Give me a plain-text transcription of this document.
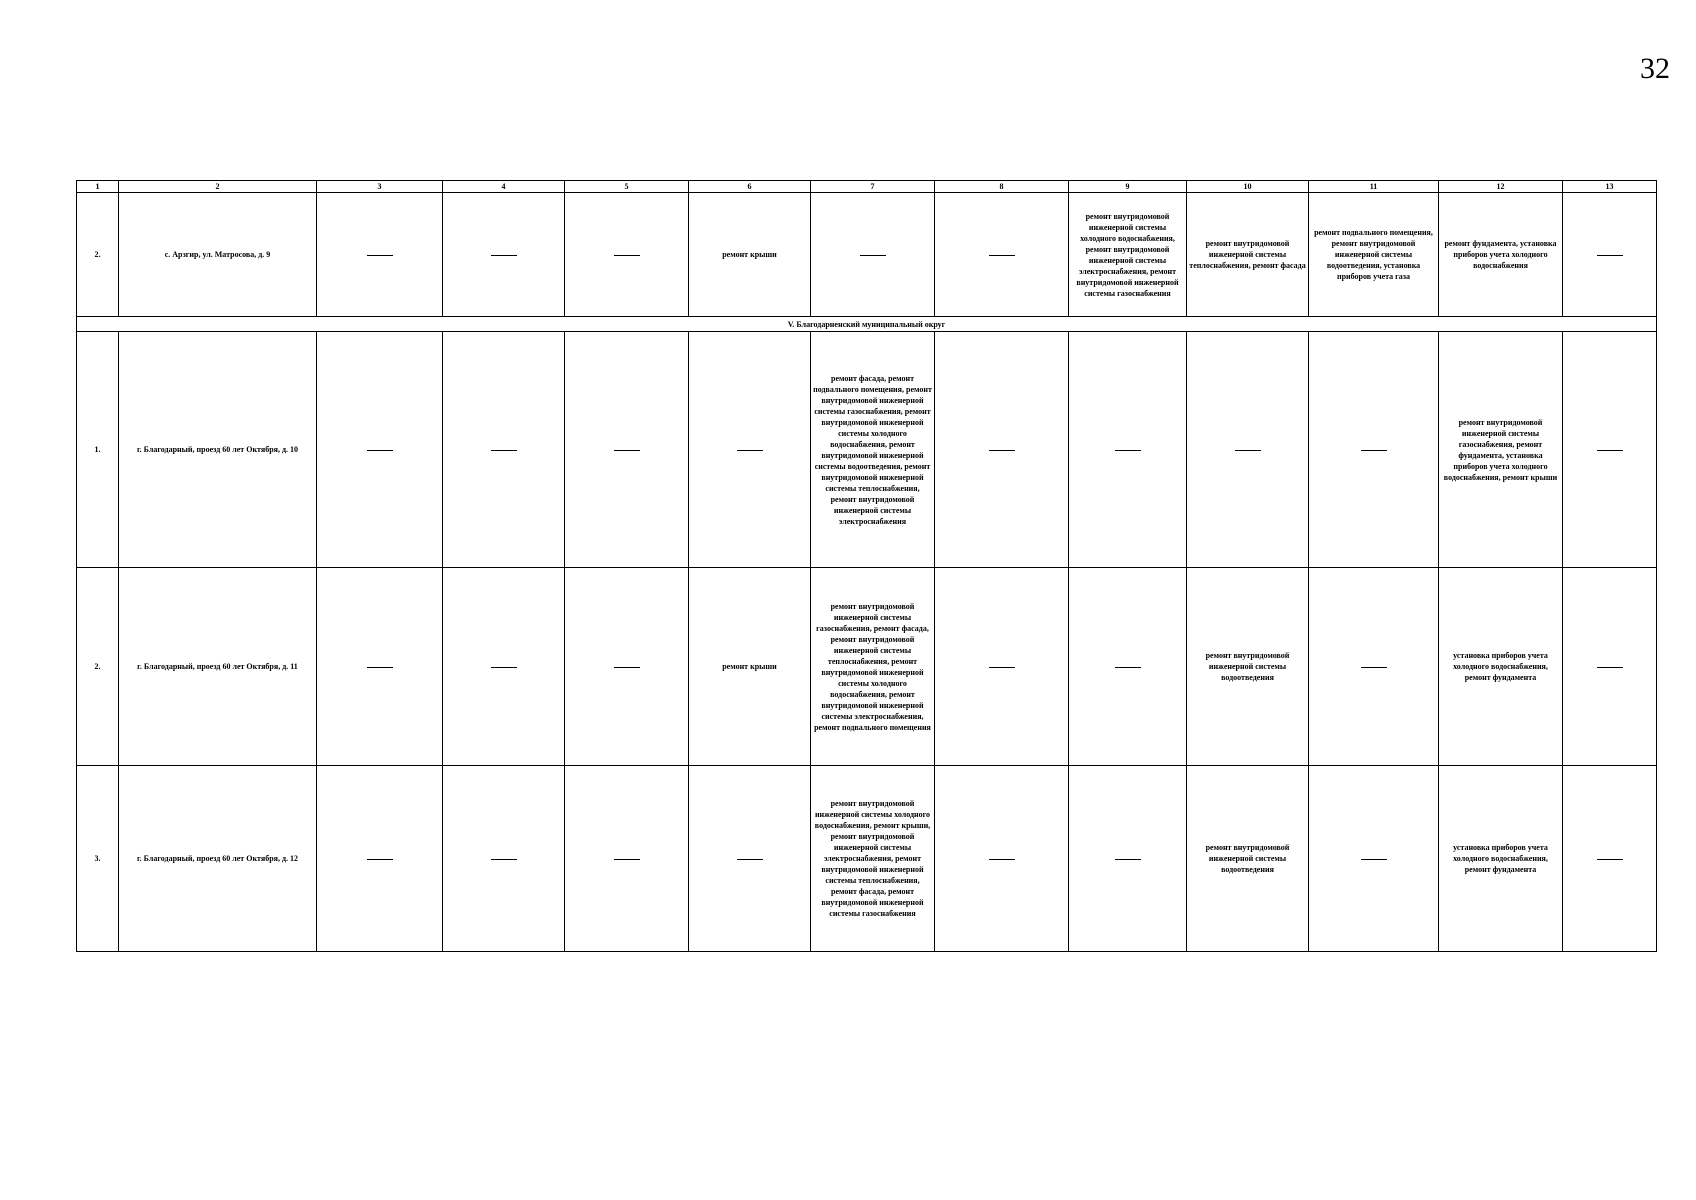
32
1	2	3	4	5	6	7	8	9	10	11	12	13
2.	с. Арзгир, ул. Матросова, д. 9				ремонт крыши			ремонт внутридомовой инженерной системы холодного водоснабжения, ремонт внутридомовой инженерной системы электроснабжения, ремонт внутридомовой инженерной системы газоснабжения	ремонт внутридомовой инженерной системы теплоснабжения, ремонт фасада	ремонт подвального помещения, ремонт внутридомовой инженерной системы водоотведения, установка приборов учета газа	ремонт фундамента, установка приборов учета холодного водоснабжения	
V. Благодарненский муниципальный округ												
1.	г. Благодарный, проезд 60 лет Октября, д. 10					ремонт фасада, ремонт подвального помещения, ремонт внутридомовой инженерной системы газоснабжения, ремонт внутридомовой инженерной системы холодного водоснабжения, ремонт внутридомовой инженерной системы водоотведения, ремонт внутридомовой инженерной системы теплоснабжения, ремонт внутридомовой инженерной системы электроснабжения					ремонт внутридомовой инженерной системы газоснабжения, ремонт фундамента, установка приборов учета холодного водоснабжения, ремонт крыши	
2.	г. Благодарный, проезд 60 лет Октября, д. 11				ремонт крыши	ремонт внутридомовой инженерной системы газоснабжения, ремонт фасада, ремонт внутридомовой инженерной системы теплоснабжения, ремонт внутридомовой инженерной системы холодного водоснабжения, ремонт внутридомовой инженерной системы электроснабжения, ремонт подвального помещения			ремонт внутридомовой инженерной системы водоотведения		установка приборов учета холодного водоснабжения, ремонт фундамента	
3.	г. Благодарный, проезд 60 лет Октября, д. 12					ремонт внутридомовой инженерной системы холодного водоснабжения, ремонт крыши, ремонт внутридомовой инженерной системы электроснабжения, ремонт внутридомовой инженерной системы теплоснабжения, ремонт фасада, ремонт внутридомовой инженерной системы газоснабжения			ремонт внутридомовой инженерной системы водоотведения		установка приборов учета холодного водоснабжения, ремонт фундамента	
